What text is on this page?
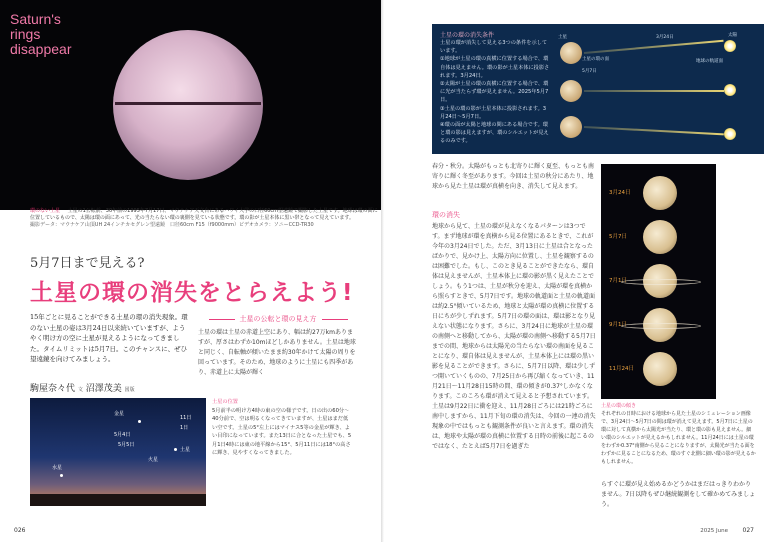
Saturn's
rings
disappear
環のない土星 土星の1公転前、30年前の1995年7月17日、マウナケア天文台にあるハワイ大学の口径60cm望遠鏡で撮影した土星です。地球は環の面に位置しているもので、太陽は環の面にあって、光の当たらない環の裏側を見ている状態です。環の影が土星本体に黒い帯となって見えています。
撮影データ：マウナケア山頂UH 24インチカセグレン望遠鏡　口径60cm F15（f9000mm）ビデオカメラ：ソニーCCD-TR30
5月7日まで見える?
土星の環の消失をとらえよう!
15年ごとに見ることができる土星の環の消失現象。環のない土星の姿は3月24日以来続いていますが、ようやく明け方の空に土星が見えるようになってきました。タイムリミットは5月7日。このチャンスに、ぜひ望遠鏡を向けてみましょう。
駒屋奈々代 文 沼澤茂美 図版
土星の公転と環の見え方
土星の環は土星の赤道上空にあり、幅は約27万kmありますが、厚さはわずか10mほどしかありません。土星は地球と同じく、自転軸が傾いたまま約30年かけて太陽の周りを回っています。そのため、地球のように土星にも四季があり、赤道上に太陽が輝く
金星
11日
1日
5月4日
5月5日
土星
火星
水星
土星の位置
5月前半の明け方4時の東の空の様子です。日の出の60分〜40分前で、空は明るくなってきていますが、土星はまだ低い空です。土星の5°左上にはマイナス5等の金星が輝き、よい目印になっています。また13日に合となった土星でも、5月1日4時には東の地平線から15°、5月11日には18°の高さに輝き、見やすくなってきました。
026
土星の環の消失条件
土星の環が消失して見える3つの条件を示しています。
①地球が土星の環の真横に位置する場合で、環自体は見えません。環の影が土星本体に投影されます。3月24日。
②太陽が土星の環の真横に位置する場合で、環に光が当たらず環が見えません。2025年5月7日。
③土星の環の影が土星本体に投影されます。3月24日〜5月7日。
④環の面が太陽と地球の間にある場合です。環と環の影は見えますが、環のシルエットが見えるのみです。
土星	太陽
3月24日
5月7日
地球の軌道面
土星の環の面
春分・秋分。太陽がもっとも北寄りに輝く夏至、もっとも南寄りに輝く冬至があります。今回は土星の秋分にあたり、地球から見た土星は環が真横を向き、消失して見えます。
環の消失
地球から見て、土星の環が見えなくなるパターンは3つです。まず地球が環を真横から見る位置にあるときで、これが今年の3月24日でした。ただ、3月13日に土星は合となったばかりで、見かけ上、太陽方向に位置し、土星を観察するのは困難でした。もし、このとき見ることができたなら、環自体は見えませんが、土星本体上に環の影が黒く見えたことでしょう。もう1つは、土星が秋分を迎え、太陽が環を真横から照らすときで、5月7日です。地球の軌道面と土星の軌道面は約2.5°傾いているため、地球と太陽が環の真横に位置する日にちが少しずれます。5月7日の環の面は、環は影となり見えない状態になります。さらに、3月24日に地球が土星の環の南側へと移動してから、太陽が環の南側へ移動する5月7日までの間、地球からは太陽光の当たらない環の南面を見ることになり、環自体は見えませんが、土星本体上には環の黒い影を見ることができます。さらに、5月7日以降、環は少しずつ開いていくものの、7月25日から再び縮くなっていき、11月21日〜11月28日15時の間、環の傾きが0.37°しかなくなります。このころも環が消えて見えると予想されています。土星は9月22日に衝を迎え、11月28日ごろには21時ごろに南中しますから、11月下旬の環の消失は、今回の一連の消失現象の中ではもっとも観測条件が良いと言えます。環の消失は、地球や太陽が環の真横に位置する日時の前後に起こるのではなく、たとえば5月7日を過ぎた
3月24日
5月7日
7月1日
9月1日
11月24日
土星の環の傾き
それぞれの日時における地球から見た土星のシミュレーション画像で、3月24日〜5月7日の間は環が消えて見えます。5月7日に土星の環に対して真横から太陽光が当たり、環と環の影も見えません。細い環のシルエットが見えるかもしれません。11月24日には土星の環をわずか0.37°南側から見ることになりますが、太陽光が当たる面をわずかに見ることになるため、環のすぐ北側に細い環の影が見えるかもしれません。
らすぐに環が見え始めるかどうかはまだはっきりわかりません。7日以降もぜひ継続観測をして確かめてみましょう。
2025 June 027
